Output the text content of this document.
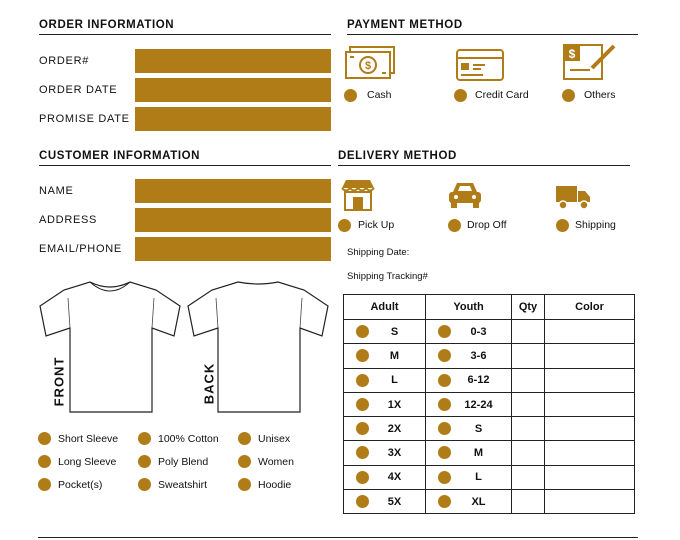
ORDER INFORMATION
ORDER#
ORDER DATE
PROMISE DATE
PAYMENT METHOD
$
$
Cash	Credit Card	Others
CUSTOMER INFORMATION
NAME
ADDRESS
EMAIL/PHONE
DELIVERY METHOD
Pick Up	Drop Off	Shipping
Shipping Date:
Shipping Tracking#
FRONT	BACK
Short Sleeve	100% Cotton	Unisex
Long Sleeve	Poly Blend	Women
Pocket(s)	Sweatshirt	Hoodie
Adult	Youth	Qty	Color

S	0-3		

M	3-6		

L	6-12		

1X	12-24		

2X	S		

3X	M		

4X	L		

5X	XL		
